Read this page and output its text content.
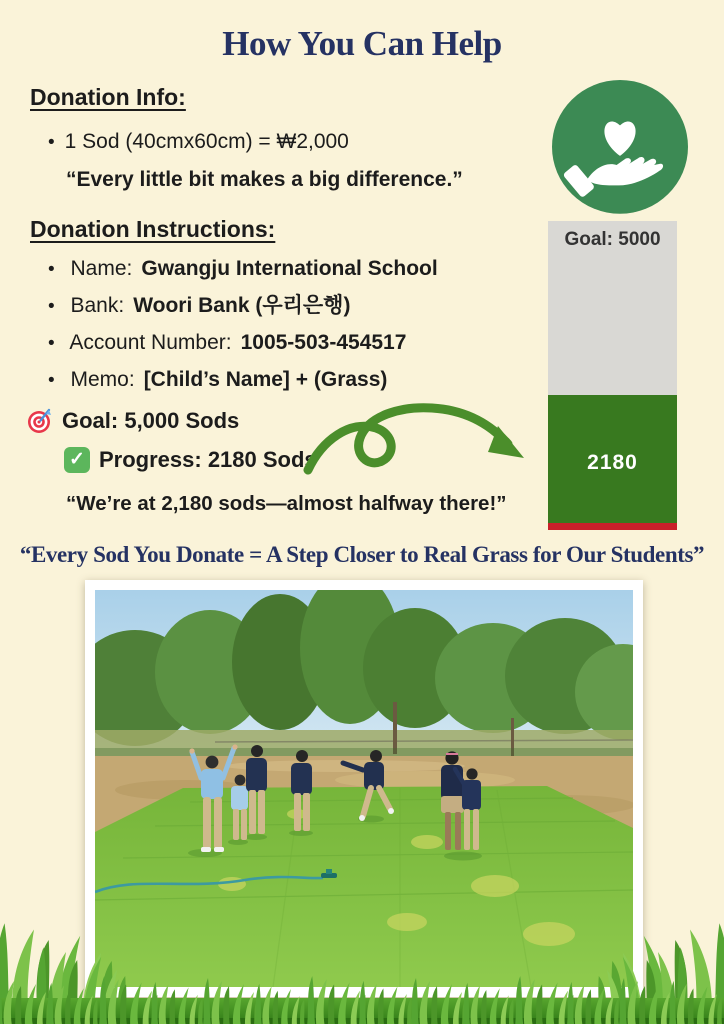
How You Can Help
Donation Info:
• 1 Sod (40cmx60cm) = ₩2,000
“Every little bit makes a big difference.”
Donation Instructions:
• Name: Gwangju International School
• Bank: Woori Bank (우리은행)
• Account Number: 1005-503-454517
• Memo: [Child’s Name] + (Grass)
Goal: 5,000 Sods
✓ Progress: 2180 Sods
“We’re at 2,180 sods—almost halfway there!”
Goal: 5000
2180
“Every Sod You Donate = A Step Closer to Real Grass for Our Students”
